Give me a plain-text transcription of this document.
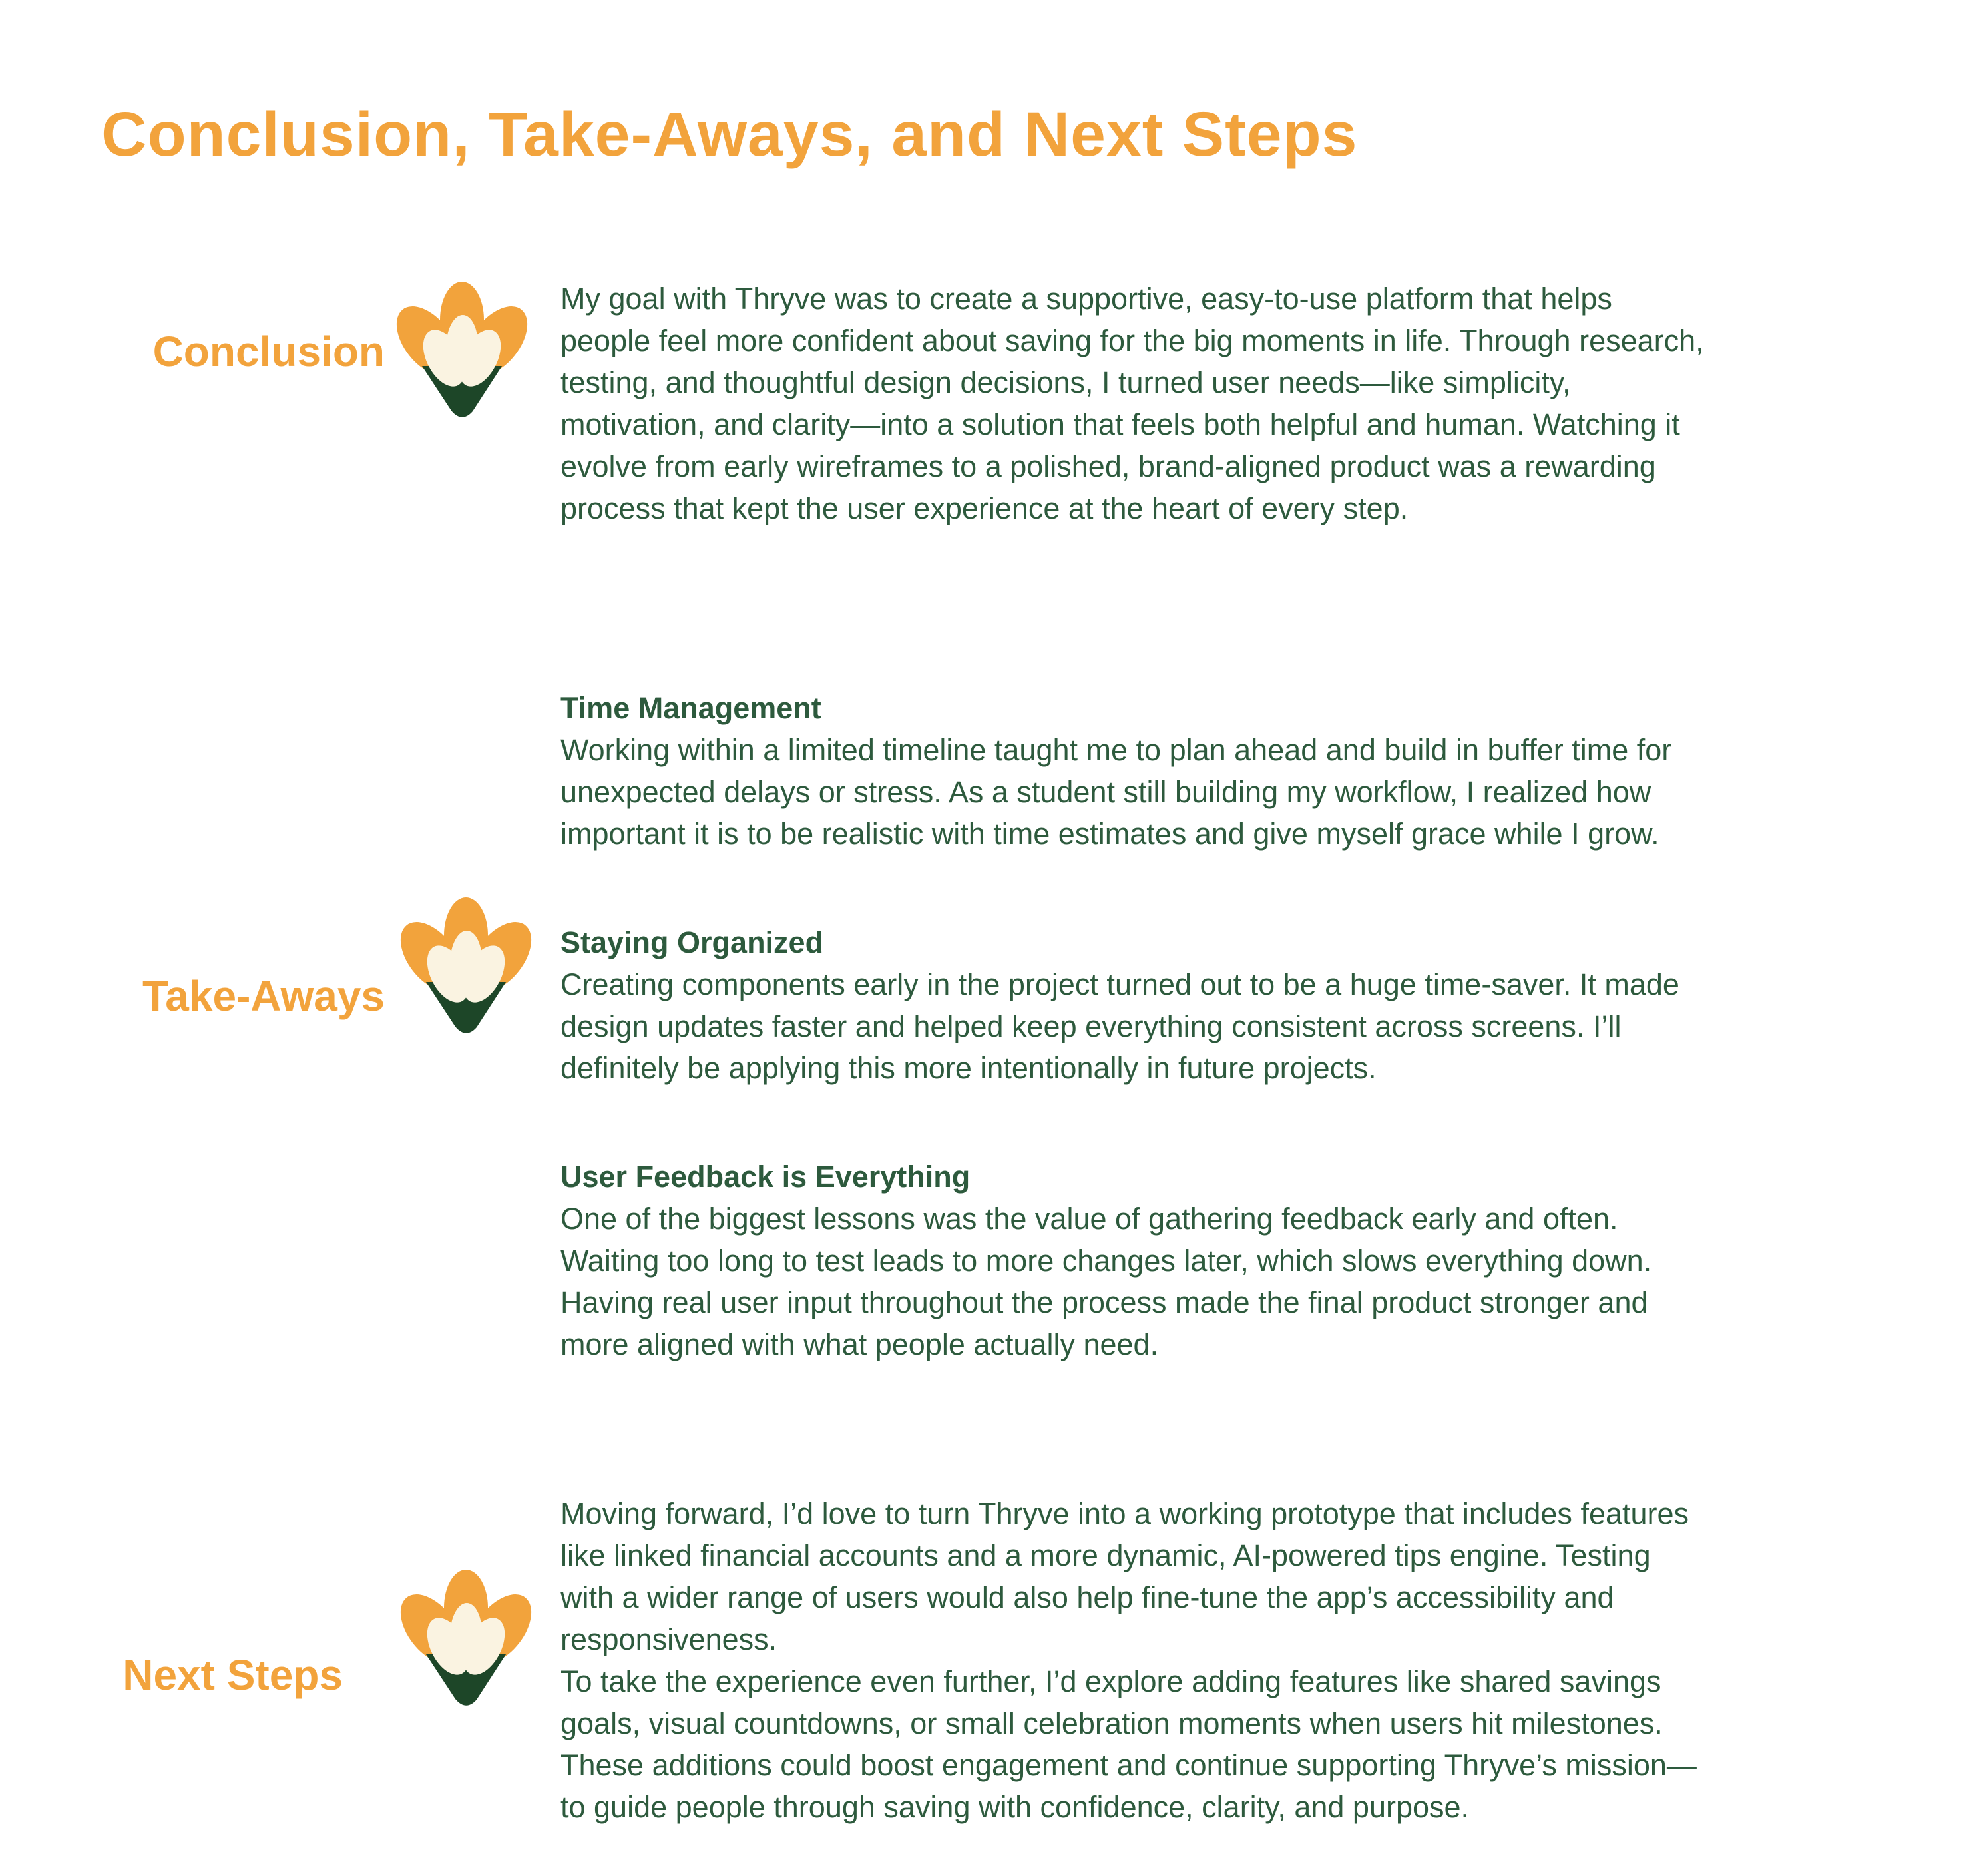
Conclusion, Take-Aways, and Next Steps
Conclusion

My goal with Thryve was to create a supportive, easy-to-use platform that helps people feel more confident about saving for the big moments in life. Through research, testing, and thoughtful design decisions, I turned user needs—like simplicity, motivation, and clarity—into a solution that feels both helpful and human. Watching it evolve from early wireframes to a polished, brand-aligned product was a rewarding process that kept the user experience at the heart of every step.

Take-Aways

Time Management

Working within a limited timeline taught me to plan ahead and build in buffer time for unexpected delays or stress. As a student still building my workflow, I realized how important it is to be realistic with time estimates and give myself grace while I grow.

Staying Organized

Creating components early in the project turned out to be a huge time-saver. It made design updates faster and helped keep everything consistent across screens. I’ll definitely be applying this more intentionally in future projects.

User Feedback is Everything

One of the biggest lessons was the value of gathering feedback early and often. Waiting too long to test leads to more changes later, which slows everything down. Having real user input throughout the process made the final product stronger and more aligned with what people actually need.

Next Steps

Moving forward, I’d love to turn Thryve into a working prototype that includes features like linked financial accounts and a more dynamic, AI-powered tips engine. Testing with a wider range of users would also help fine-tune the app’s accessibility and responsiveness.

To take the experience even further, I’d explore adding features like shared savings goals, visual countdowns, or small celebration moments when users hit milestones. These additions could boost engagement and continue supporting Thryve’s mission—to guide people through saving with confidence, clarity, and purpose.
